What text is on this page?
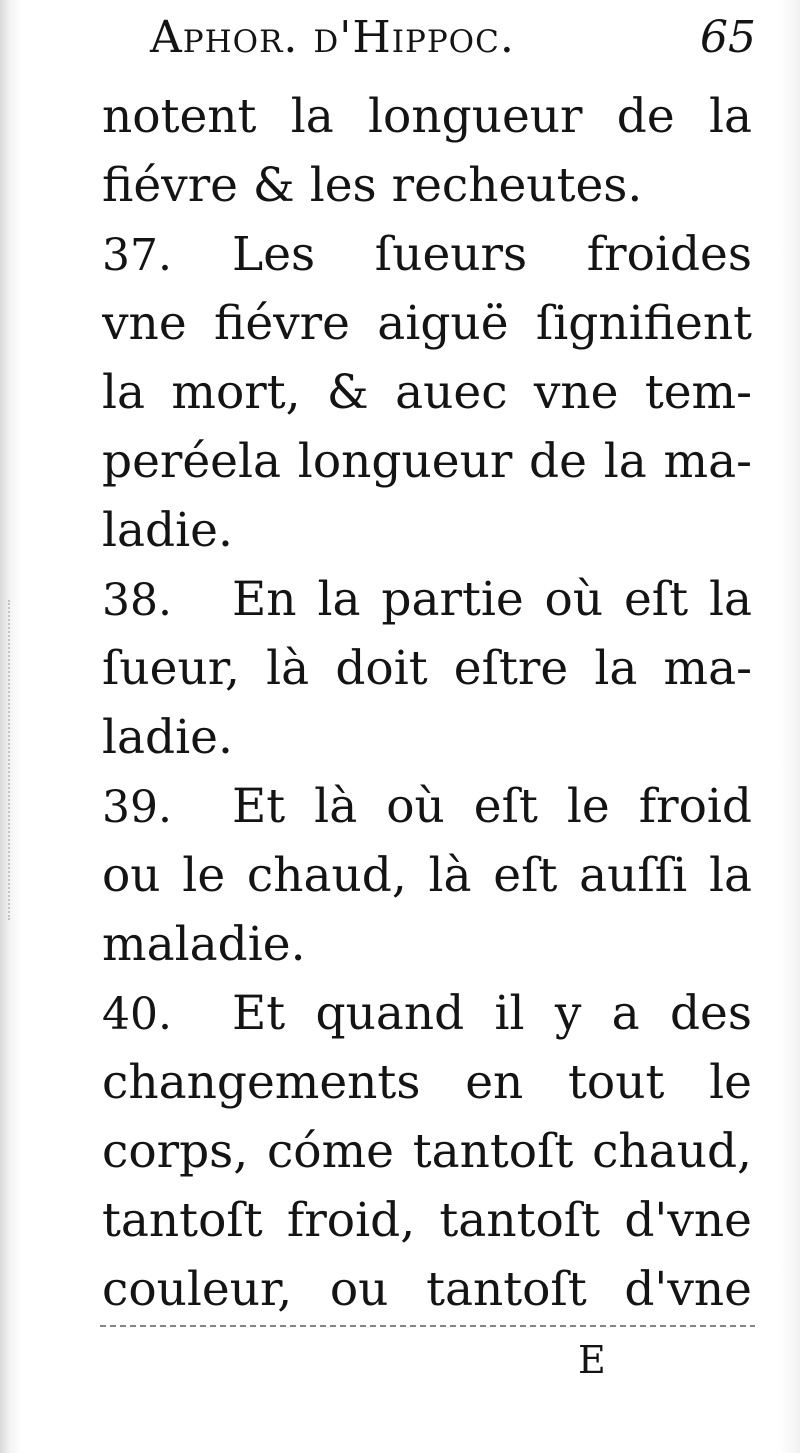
Aphor. d'Hippoc.	65
notent la longueur de la
fiévre & les recheutes.
37. Les ſueurs froides
vne fiévre aiguë ſignifient
la mort, & auec vne tem-
peréela longueur de la ma-
ladie.
38. En la partie où eſt la
ſueur, là doit eſtre la ma-
ladie.
39. Et là où eſt le froid
ou le chaud, là eſt auſſi la
maladie.
40. Et quand il y a des
changements en tout le
corps, cóme tantoſt chaud,
tantoſt froid, tantoſt d'vne
couleur, ou tantoſt d'vne
E
